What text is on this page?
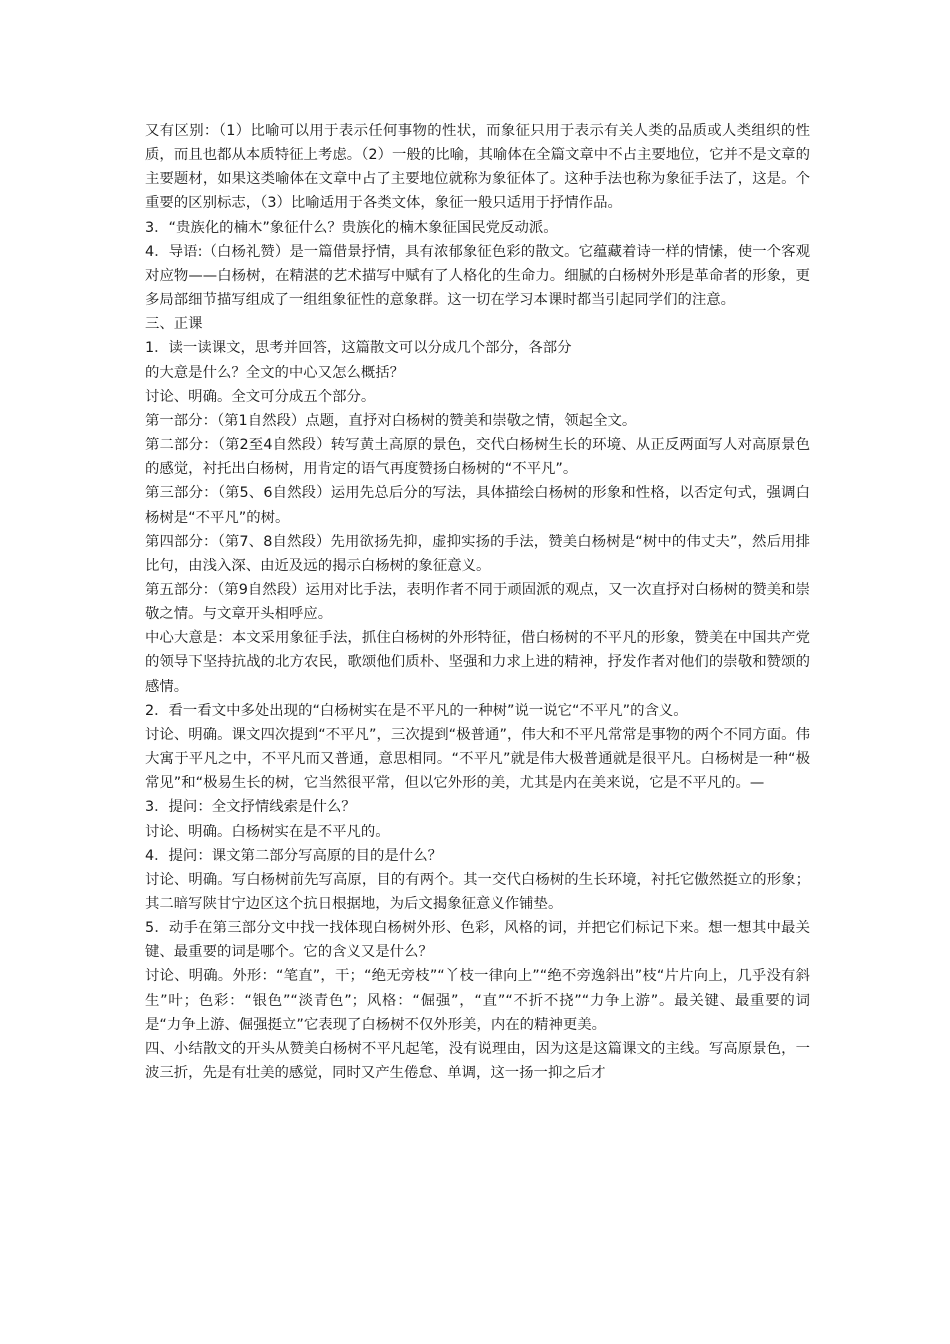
又有区别：（1）比喻可以用于表示任何事物的性状，而象征只用于表示有关人类的品质或人类组织的性质，而且也都从本质特征上考虑。（2）一般的比喻，其喻体在全篇文章中不占主要地位，它并不是文章的主要题材，如果这类喻体在文章中占了主要地位就称为象征体了。这种手法也称为象征手法了，这是。个重要的区别标志，（3）比喻适用于各类文体，象征一般只适用于抒情作品。

3．“贵族化的楠木”象征什么？贵族化的楠木象征国民党反动派。

4．导语:（白杨礼赞）是一篇借景抒情，具有浓郁象征色彩的散文。它蕴藏着诗一样的情愫，使一个客观对应物——白杨树，在精湛的艺术描写中赋有了人格化的生命力。细腻的白杨树外形是革命者的形象，更多局部细节描写组成了一组组象征性的意象群。这一切在学习本课时都当引起同学们的注意。

三、正课

1．读一读课文，思考并回答，这篇散文可以分成几个部分，各部分

的大意是什么？全文的中心又怎么概括？

讨论、明确。全文可分成五个部分。

第一部分：（第1自然段）点题，直抒对白杨树的赞美和崇敬之情，领起全文。

第二部分：（第2至4自然段）转写黄土高原的景色，交代白杨树生长的环境、从正反两面写人对高原景色的感觉，衬托出白杨树，用肯定的语气再度赞扬白杨树的“不平凡”。

第三部分：（第5、6自然段）运用先总后分的写法，具体描绘白杨树的形象和性格，以否定句式，强调白杨树是“不平凡”的树。

第四部分：（第7、8自然段）先用欲扬先抑，虚抑实扬的手法，赞美白杨树是“树中的伟丈夫”，然后用排比句，由浅入深、由近及远的揭示白杨树的象征意义。

第五部分：（第9自然段）运用对比手法，表明作者不同于顽固派的观点，又一次直抒对白杨树的赞美和崇敬之情。与文章开头相呼应。

中心大意是：本文采用象征手法，抓住白杨树的外形特征，借白杨树的不平凡的形象，赞美在中国共产党的领导下坚持抗战的北方农民，歌颂他们质朴、坚强和力求上进的精神，抒发作者对他们的崇敬和赞颂的感情。

2．看一看文中多处出现的“白杨树实在是不平凡的一种树”说一说它“不平凡”的含义。

讨论、明确。课文四次提到“不平凡”，三次提到“极普通”，伟大和不平凡常常是事物的两个不同方面。伟大寓于平凡之中，不平凡而又普通，意思相同。“不平凡”就是伟大极普通就是很平凡。白杨树是一种“极常见”和“极易生长的树，它当然很平常，但以它外形的美，尤其是内在美来说，它是不平凡的。—

3．提问：全文抒情线索是什么？

讨论、明确。白杨树实在是不平凡的。

4．提问：课文第二部分写高原的目的是什么？

讨论、明确。写白杨树前先写高原，目的有两个。其一交代白杨树的生长环境，衬托它傲然挺立的形象；其二暗写陕甘宁边区这个抗日根据地，为后文揭象征意义作铺垫。

5．动手在第三部分文中找一找体现白杨树外形、色彩，风格的词，并把它们标记下来。想一想其中最关键、最重要的词是哪个。它的含义又是什么？

讨论、明确。外形：“笔直”，干；“绝无旁枝”“丫枝一律向上”“绝不旁逸斜出”枝“片片向上，几乎没有斜生”叶；色彩：“银色”“淡青色”；风格：“倔强”，“直”“不折不挠”“力争上游”。最关键、最重要的词是“力争上游、倔强挺立”它表现了白杨树不仅外形美，内在的精神更美。

四、小结散文的开头从赞美白杨树不平凡起笔，没有说理由，因为这是这篇课文的主线。写高原景色，一波三折，先是有壮美的感觉，同时又产生倦怠、单调，这一扬一抑之后才
